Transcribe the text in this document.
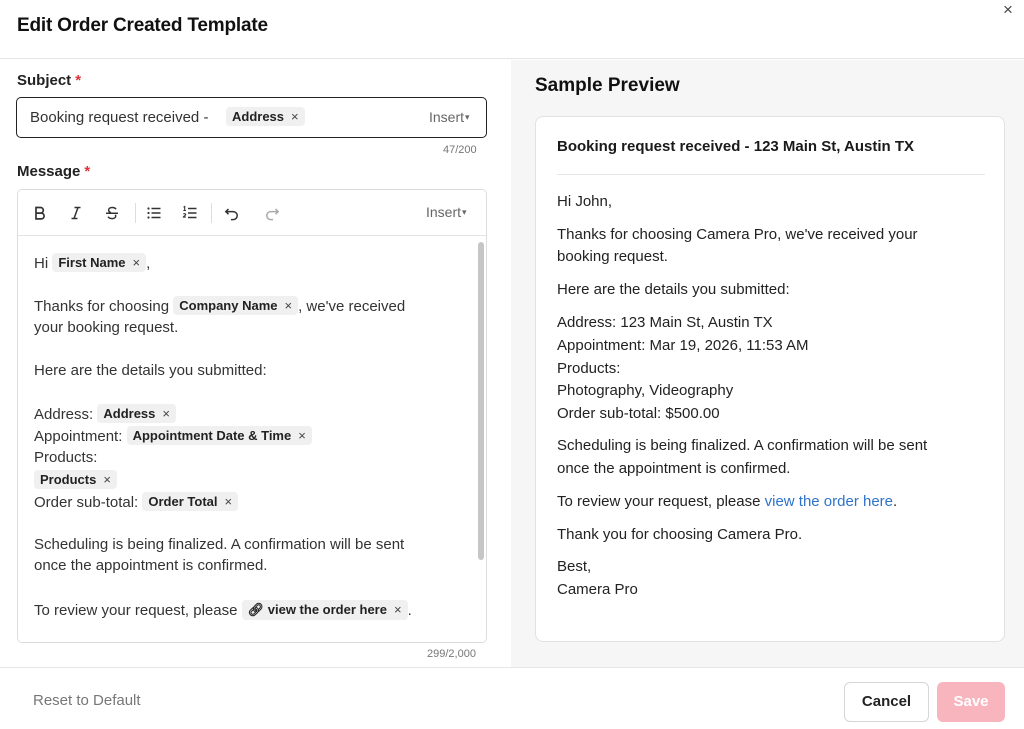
Edit Order Created Template
×
Subject *
Booking request received -	Address ×	Insert▾
47/200
Message *
Insert▾
Hi First Name × ,
Thanks for choosing Company Name × , we've received
your booking request.
Here are the details you submitted:
Address: Address ×
Appointment: Appointment Date & Time ×
Products:
Products ×
Order sub-total: Order Total ×
Scheduling is being finalized. A confirmation will be sent
once the appointment is confirmed.
To review your request, please 🔗︎ view the order here × .
299/2,000
Sample Preview
Booking request received - 123 Main St, Austin TX
Hi John,
Thanks for choosing Camera Pro, we've received your
booking request.
Here are the details you submitted:
Address: 123 Main St, Austin TX
Appointment: Mar 19, 2026, 11:53 AM
Products:
Photography, Videography
Order sub-total: $500.00
Scheduling is being finalized. A confirmation will be sent
once the appointment is confirmed.
To review your request, please view the order here.
Thank you for choosing Camera Pro.
Best,
Camera Pro
Reset to Default	Cancel	Save
